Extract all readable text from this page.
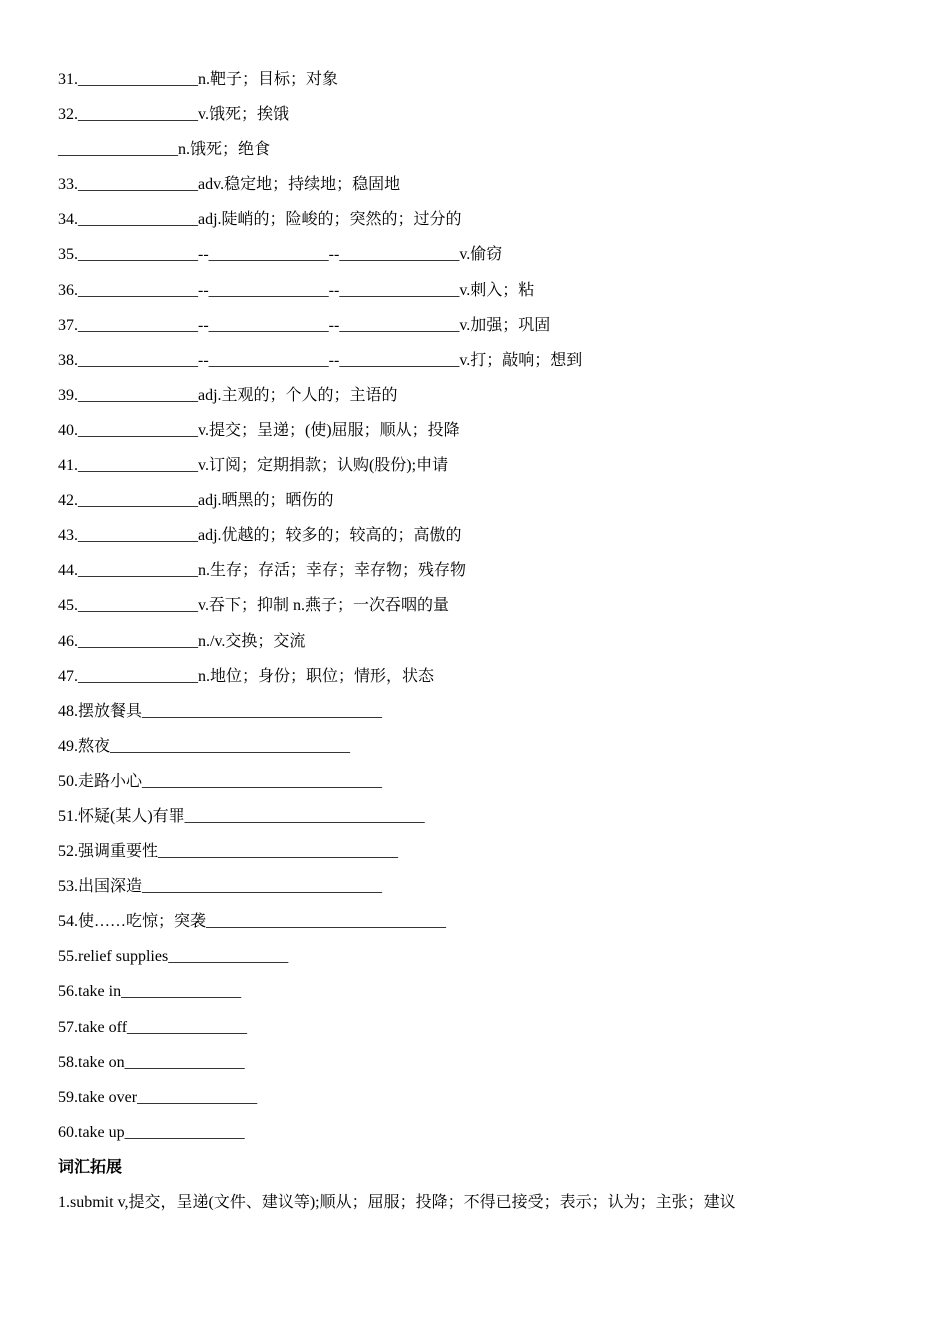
31._______________n.靶子；目标；对象
32._______________v.饿死；挨饿
_______________n.饿死；绝食
33._______________adv.稳定地；持续地；稳固地
34._______________adj.陡峭的；险峻的；突然的；过分的
35._______________--_______________--_______________v.偷窃
36._______________--_______________--_______________v.刺入；粘
37._______________--_______________--_______________v.加强；巩固
38._______________--_______________--_______________v.打；敲响；想到
39._______________adj.主观的；个人的；主语的
40._______________v.提交；呈递；(使)屈服；顺从；投降
41._______________v.订阅；定期捐款；认购(股份);申请
42._______________adj.晒黑的；晒伤的
43._______________adj.优越的；较多的；较高的；高傲的
44._______________n.生存；存活；幸存；幸存物；残存物
45._______________v.吞下；抑制 n.燕子；一次吞咽的量
46._______________n./v.交换；交流
47._______________n.地位；身份；职位；情形，状态
48.摆放餐具______________________________
49.熬夜______________________________
50.走路小心______________________________
51.怀疑(某人)有罪______________________________
52.强调重要性______________________________
53.出国深造______________________________
54.使……吃惊；突袭______________________________
55.relief supplies_______________
56.take in_______________
57.take off_______________
58.take on_______________
59.take over_______________
60.take up_______________
词汇拓展
1.submit v,提交，呈递(文件、建议等);顺从；屈服；投降；不得已接受；表示；认为；主张；建议
